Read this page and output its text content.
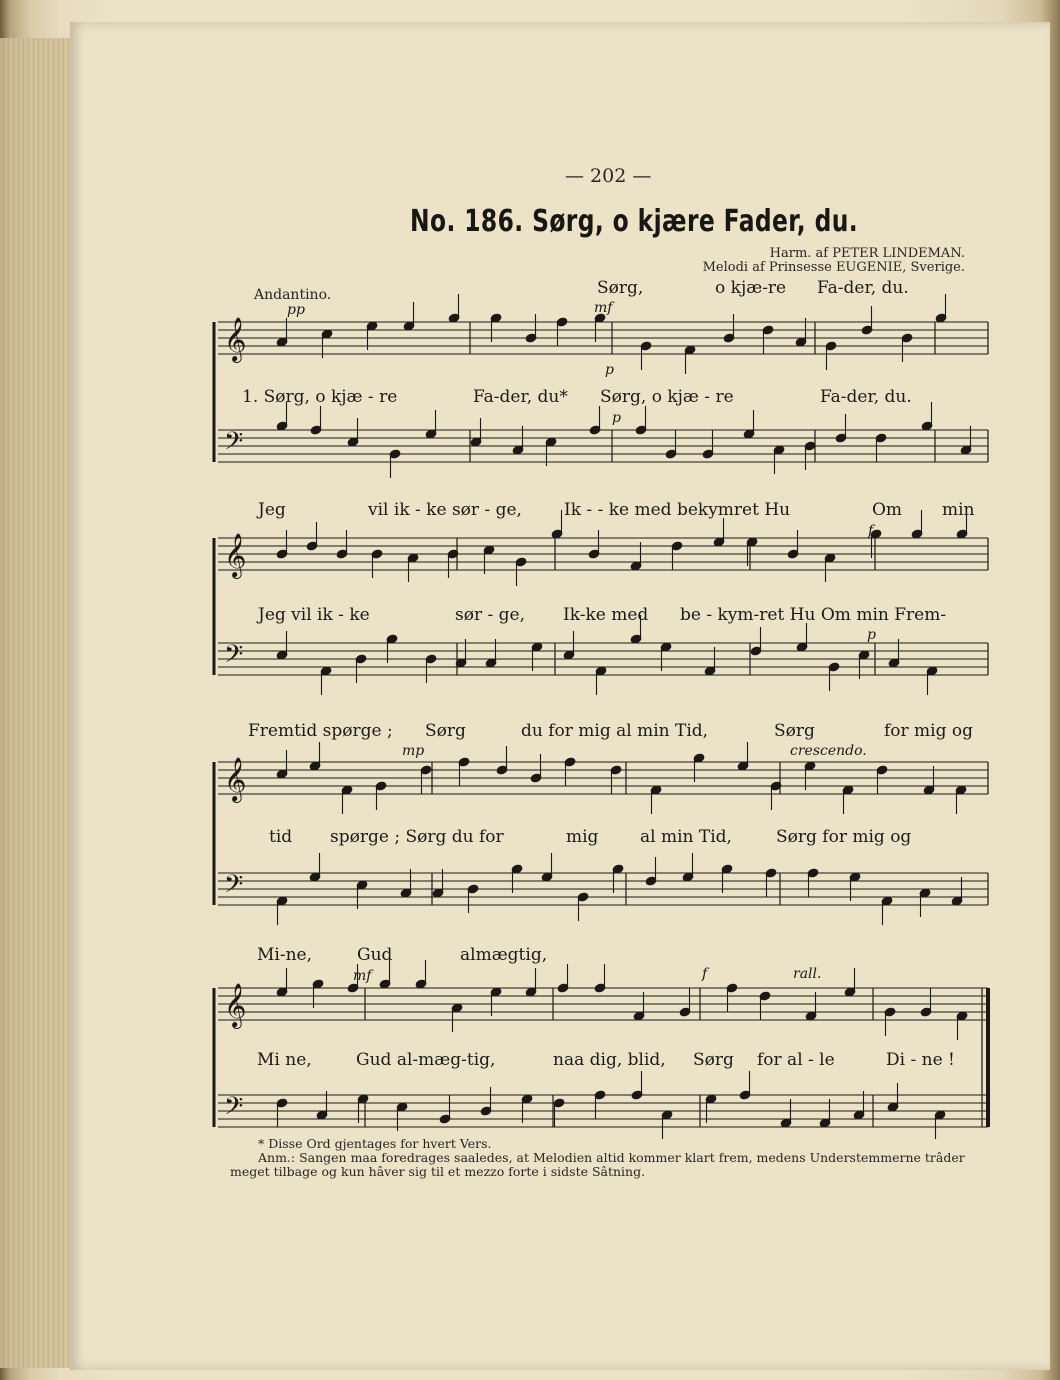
— 202 —
No. 186. Sørg, o kjære Fader, du.
Harm. af PETER LINDEMAN.
Melodi af Prinsesse EUGENIE, Sverige.
Andantino.
𝄞
𝄢
𝄞
𝄢
𝄞
𝄢
𝄞
𝄢
pp	mf
p
p
Sørg,	o kjæ-re Fa-der, du.
1. Sørg, o kjæ - re	Fa-der, du* Sørg, o kjæ - re	Fa-der, du.
Jeg	vil ik - ke sør - ge, Ik - - ke med bekymret Hu	Om min
f
p
Jeg vil ik - ke	sør - ge, Ik-ke med be - kym-ret Hu Om min Frem-
Fremtid spørge ; Sørg	du for mig al min Tid,	Sørg	for mig og
mp	crescendo.
tid spørge ; Sørg du for	mig al min Tid,	Sørg for mig og
Mi-ne,	Gud	almægtig,
mf	f	rall.
Mi ne,	Gud al-mæg-tig,	naa dig, blid, Sørg for al - le	Di - ne !
* Disse Ord gjentages for hvert Vers.
Anm.: Sangen maa foredrages saaledes, at Melodien altid kommer klart frem, medens Understemmerne trâder
meget tilbage og kun hâver sig til et mezzo forte i sidste Sâtning.
